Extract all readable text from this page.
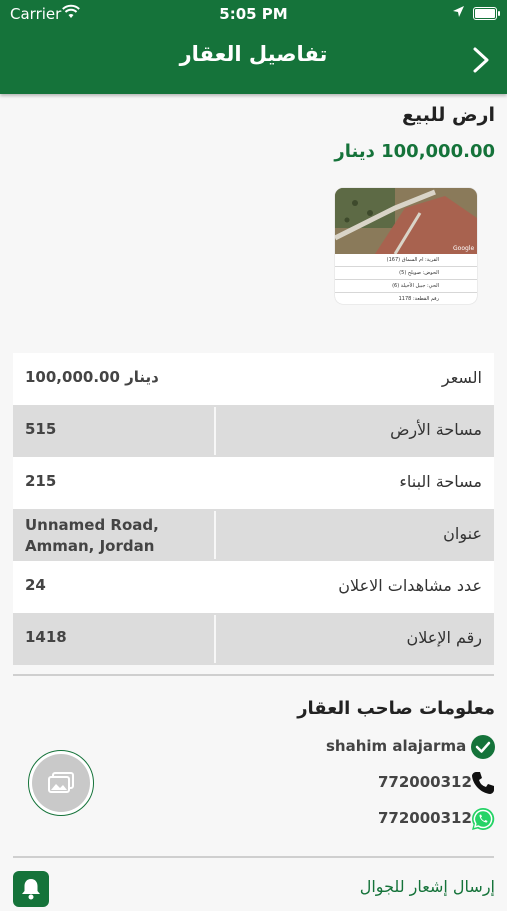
Carrier	5:05 PM
تفاصيل العقار
ارض للبيع
100,000.00 دينار
Google
القرية: ام السماق (167)
الحوض: صويلح (5)
الحي: جبيل الأخيلة (6)
رقم القطعة: 1178
السعر
100,000.00 دينار
مساحة الأرض
515
مساحة البناء
215
عنوان
Unnamed Road,
Amman, Jordan
عدد مشاهدات الاعلان
24
رقم الإعلان
1418
معلومات صاحب العقار
shahim alajarma
772000312
772000312
إرسال إشعار للجوال
